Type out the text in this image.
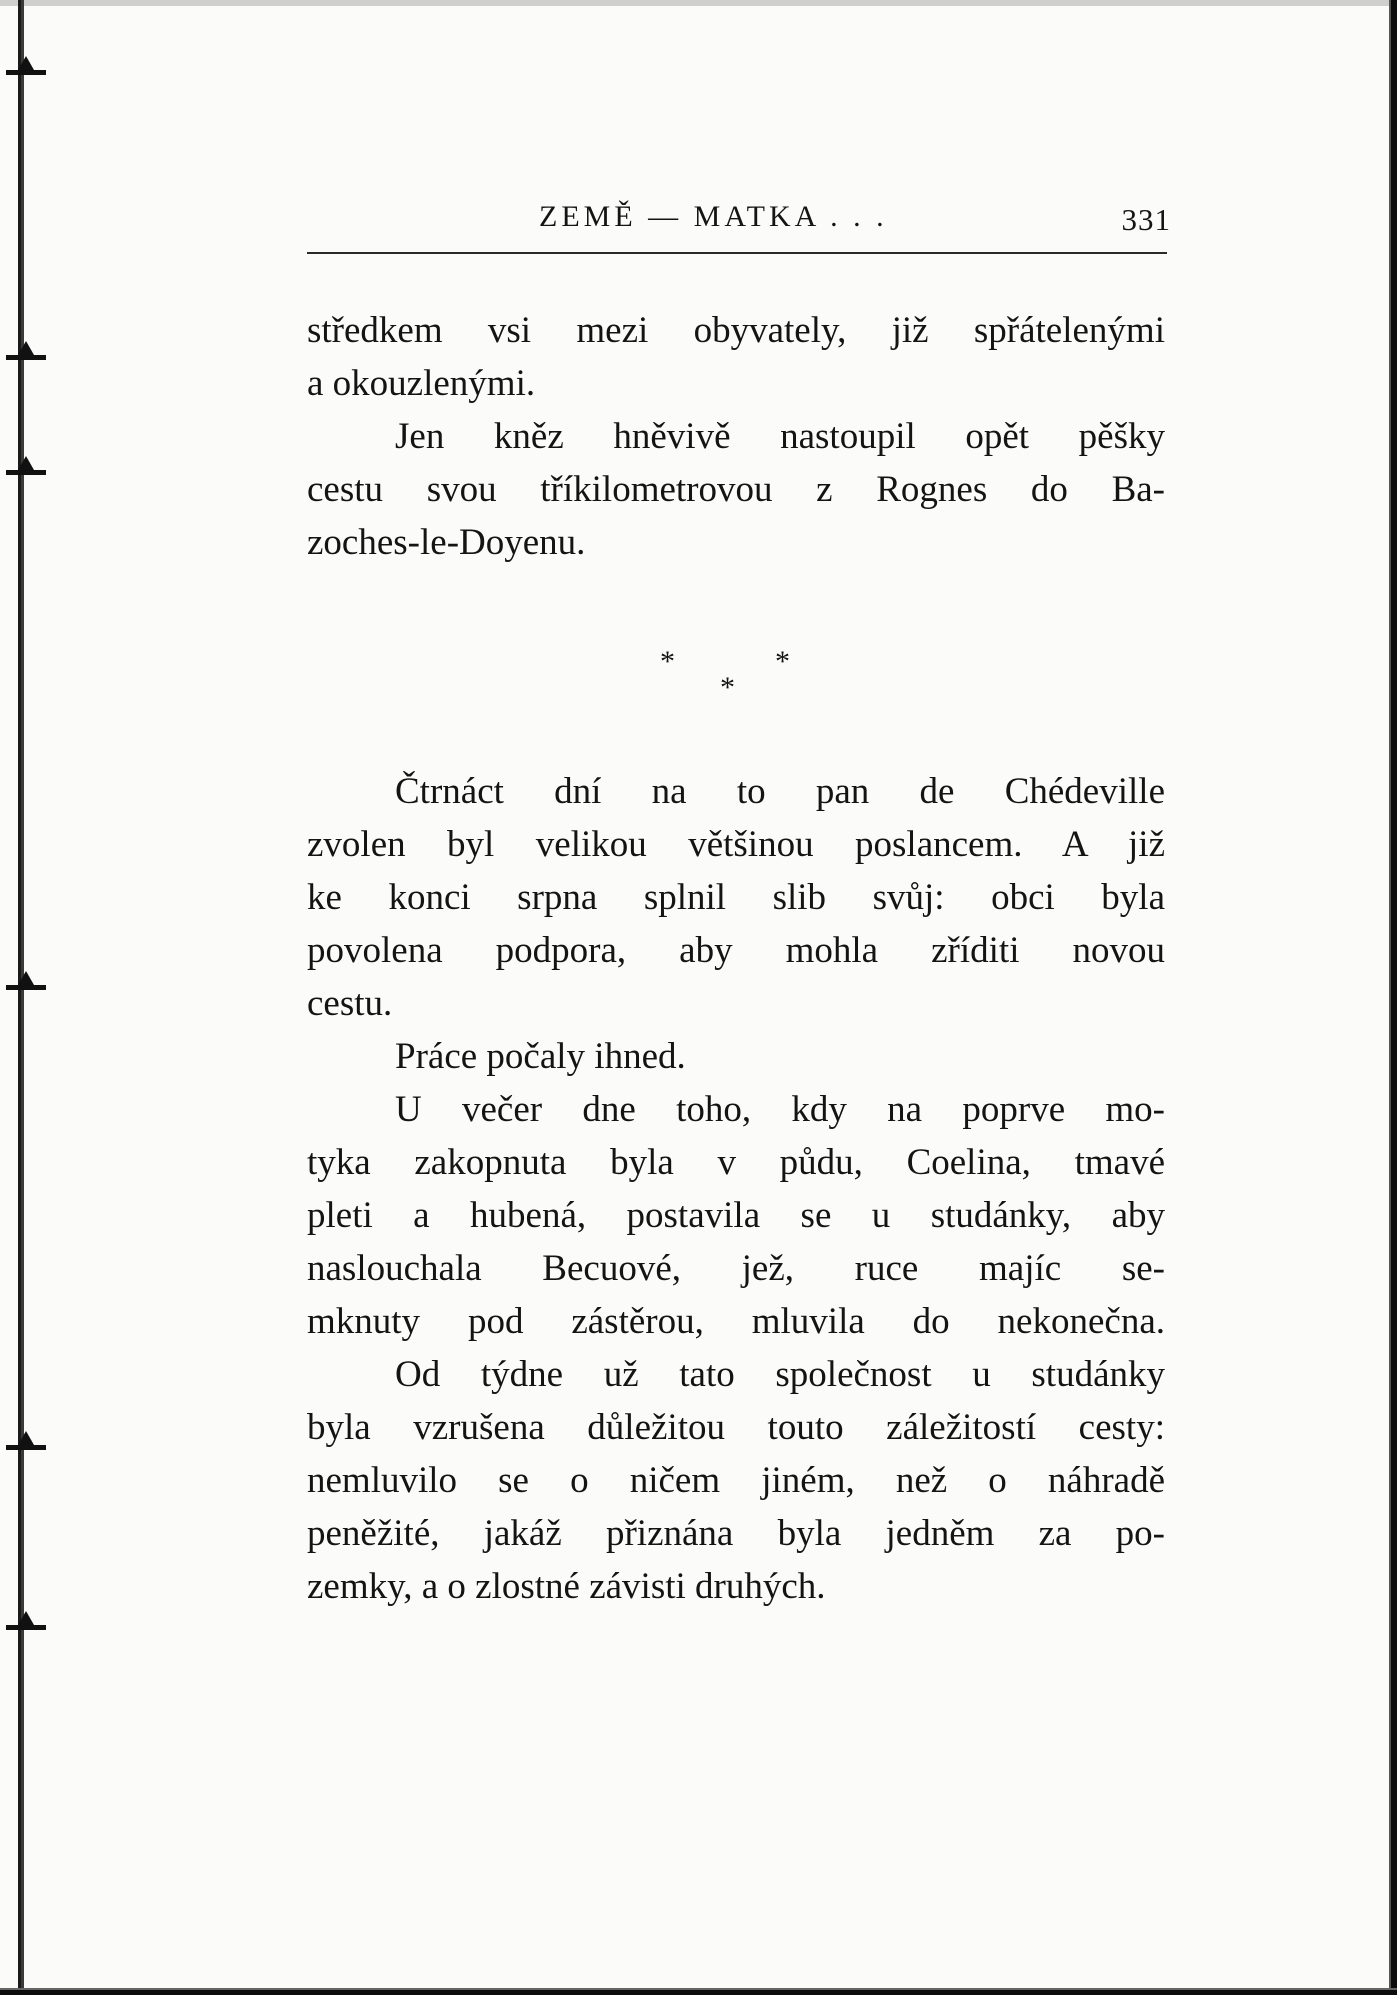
ZEMĚ — MATKA . . .	331
středkem vsi mezi obyvately, již spřátelenými
a okouzlenými.
Jen kněz hněvivě nastoupil opět pěšky
cestu svou tříkilometrovou z Rognes do Ba-
zoches-le-Doyenu.
*	*
*
Čtrnáct dní na to pan de Chédeville
zvolen byl velikou většinou poslancem. A již
ke konci srpna splnil slib svůj: obci byla
povolena podpora, aby mohla zříditi novou
cestu.
Práce počaly ihned.
U večer dne toho, kdy na poprve mo-
tyka zakopnuta byla v půdu, Coelina, tmavé
pleti a hubená, postavila se u studánky, aby
naslouchala Becuové, jež, ruce majíc se-
mknuty pod zástěrou, mluvila do nekonečna.
Od týdne už tato společnost u studánky
byla vzrušena důležitou touto záležitostí cesty:
nemluvilo se o ničem jiném, než o náhradě
peněžité, jakáž přiznána byla jedněm za po-
zemky, a o zlostné závisti druhých.
